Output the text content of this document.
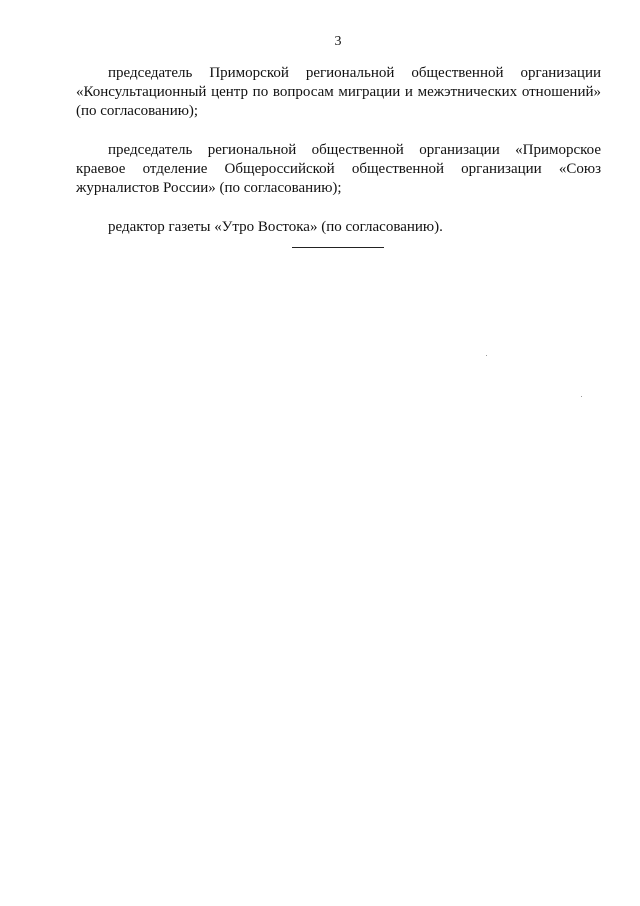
3

председатель Приморской региональной общественной организации «Консультационный центр по вопросам миграции и межэтнических отношений» (по согласованию);

председатель региональной общественной организации «Приморское краевое отделение Общероссийской общественной организации «Союз журналистов России» (по согласованию);

редактор газеты «Утро Востока» (по согласованию).
